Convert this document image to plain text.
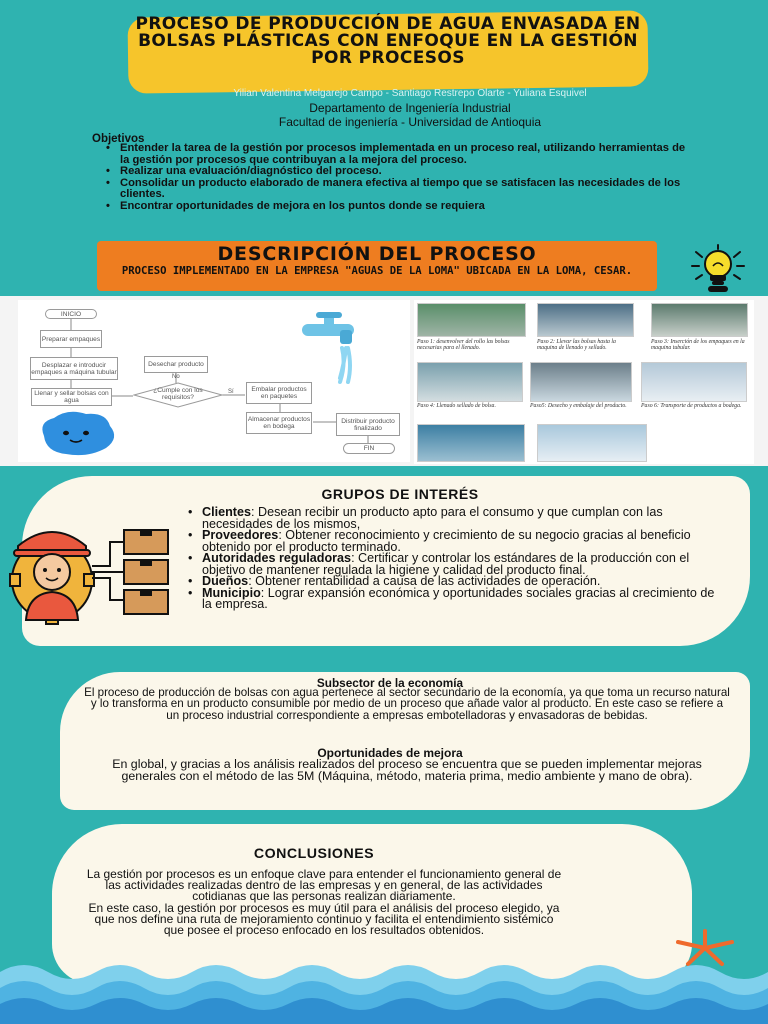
PROCESO DE PRODUCCIÓN DE AGUA ENVASADA EN BOLSAS PLÁSTICAS CON ENFOQUE EN LA GESTIÓN POR PROCESOS
Yilian Valentina Melgarejo Campo - Santiago Restrepo Olarte - Yuliana Esquivel
Departamento de Ingeniería Industrial
Facultad de ingeniería - Universidad de Antioquia
Objetivos
• Entender la tarea de la gestión por procesos implementada en un proceso real, utilizando herramientas de la gestión por procesos que contribuyan a la mejora del proceso.
• Realizar una evaluación/diagnóstico del proceso.
• Consolidar un producto elaborado de manera efectiva al tiempo que se satisfacen las necesidades de los clientes.
• Encontrar oportunidades de mejora en los puntos donde se requiera
DESCRIPCIÓN DEL PROCESO
PROCESO IMPLEMENTADO EN LA EMPRESA "AGUAS DE LA LOMA" UBICADA EN LA LOMA, CESAR.
INICIO
Preparar empaques
Desplazar e introducir empaques a máquina tubular
Llenar y sellar bolsas con agua
Desechar producto
No
¿Cumple con los requisitos?
Sí	Embalar productos en paquetes
Almacenar productos en bodega
Distribuir producto finalizado
FIN
Paso 1: desenvolver del rollo las bolsas necesarias para el llenado.
Paso 2: Llevar las bolsas hasta la maquina de llenado y sellado.
Paso 3: Inserción de los empaques en la maquina tubular.
Paso 4: Llenado sellado de bolsa.	Paso5: Desecho y embalaje del producto.	Paso 6: Transporte de productos a bodega.
GRUPOS DE INTERÉS
• Clientes: Desean recibir un producto apto para el consumo y que cumplan con las necesidades de los mismos,
• Proveedores: Obtener reconocimiento y crecimiento de su negocio gracias al beneficio obtenido por el producto terminado.
• Autoridades reguladoras: Certificar y controlar los estándares de la producción con el objetivo de mantener regulada la higiene y calidad del producto final.
• Dueños: Obtener rentabilidad a causa de las actividades de operación.
• Municipio: Lograr expansión económica y oportunidades sociales gracias al crecimiento de la empresa.
Subsector de la economía
El proceso de producción de bolsas con agua pertenece al sector secundario de la economía, ya que toma un recurso natural y lo transforma en un producto consumible por medio de un proceso que añade valor al producto. En este caso se refiere a un proceso industrial correspondiente a empresas embotelladoras y envasadoras de bebidas.
Oportunidades de mejora
En global, y gracias a los análisis realizados del proceso se encuentra que se pueden implementar mejoras generales con el método de las 5M (Máquina, método, materia prima, medio ambiente y mano de obra).
CONCLUSIONES
La gestión por procesos es un enfoque clave para entender el funcionamiento general de las actividades realizadas dentro de las empresas y en general, de las actividades cotidianas que las personas realizan diariamente.
En este caso, la gestión por procesos es muy útil para el análisis del proceso elegido, ya que nos define una ruta de mejoramiento continuo y facilita el entendimiento sistémico que posee el proceso enfocado en los resultados obtenidos.
